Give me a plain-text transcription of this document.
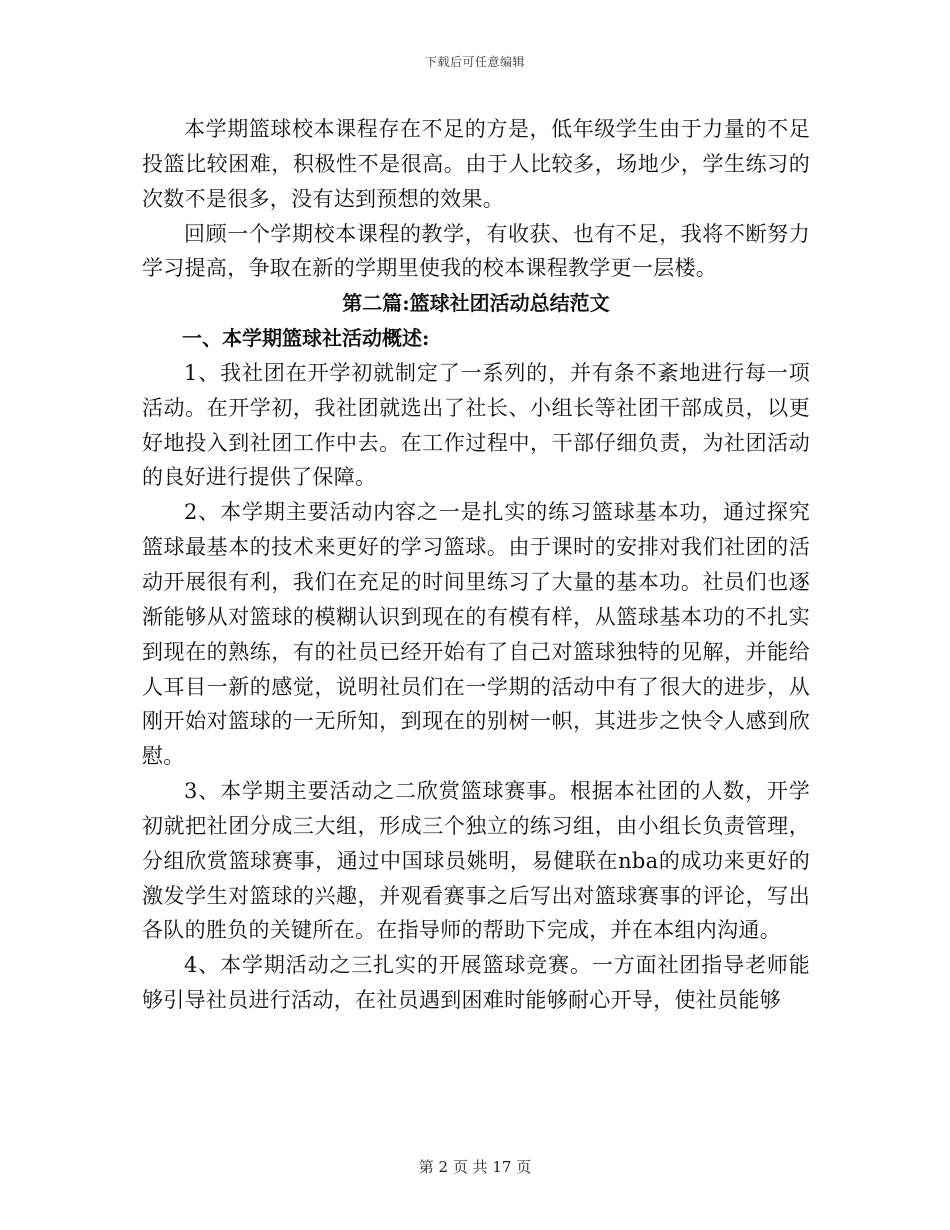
下载后可任意编辑

本学期篮球校本课程存在不足的方是，低年级学生由于力量的不足投篮比较困难，积极性不是很高。由于人比较多，场地少，学生练习的次数不是很多，没有达到预想的效果。

回顾一个学期校本课程的教学，有收获、也有不足，我将不断努力学习提高，争取在新的学期里使我的校本课程教学更一层楼。

第二篇:篮球社团活动总结范文

一、本学期篮球社活动概述:

1、我社团在开学初就制定了一系列的，并有条不紊地进行每一项活动。在开学初，我社团就选出了社长、小组长等社团干部成员，以更好地投入到社团工作中去。在工作过程中，干部仔细负责，为社团活动的良好进行提供了保障。

2、本学期主要活动内容之一是扎实的练习篮球基本功，通过探究篮球最基本的技术来更好的学习篮球。由于课时的安排对我们社团的活动开展很有利，我们在充足的时间里练习了大量的基本功。社员们也逐渐能够从对篮球的模糊认识到现在的有模有样，从篮球基本功的不扎实到现在的熟练，有的社员已经开始有了自己对篮球独特的见解，并能给人耳目一新的感觉，说明社员们在一学期的活动中有了很大的进步，从刚开始对篮球的一无所知，到现在的别树一帜，其进步之快令人感到欣慰。

3、本学期主要活动之二欣赏篮球赛事。根据本社团的人数，开学初就把社团分成三大组，形成三个独立的练习组，由小组长负责管理，分组欣赏篮球赛事，通过中国球员姚明，易健联在nba的成功来更好的激发学生对篮球的兴趣，并观看赛事之后写出对篮球赛事的评论，写出各队的胜负的关键所在。在指导师的帮助下完成，并在本组内沟通。

4、本学期活动之三扎实的开展篮球竞赛。一方面社团指导老师能够引导社员进行活动，在社员遇到困难时能够耐心开导，使社员能够

第 2 页 共 17 页
